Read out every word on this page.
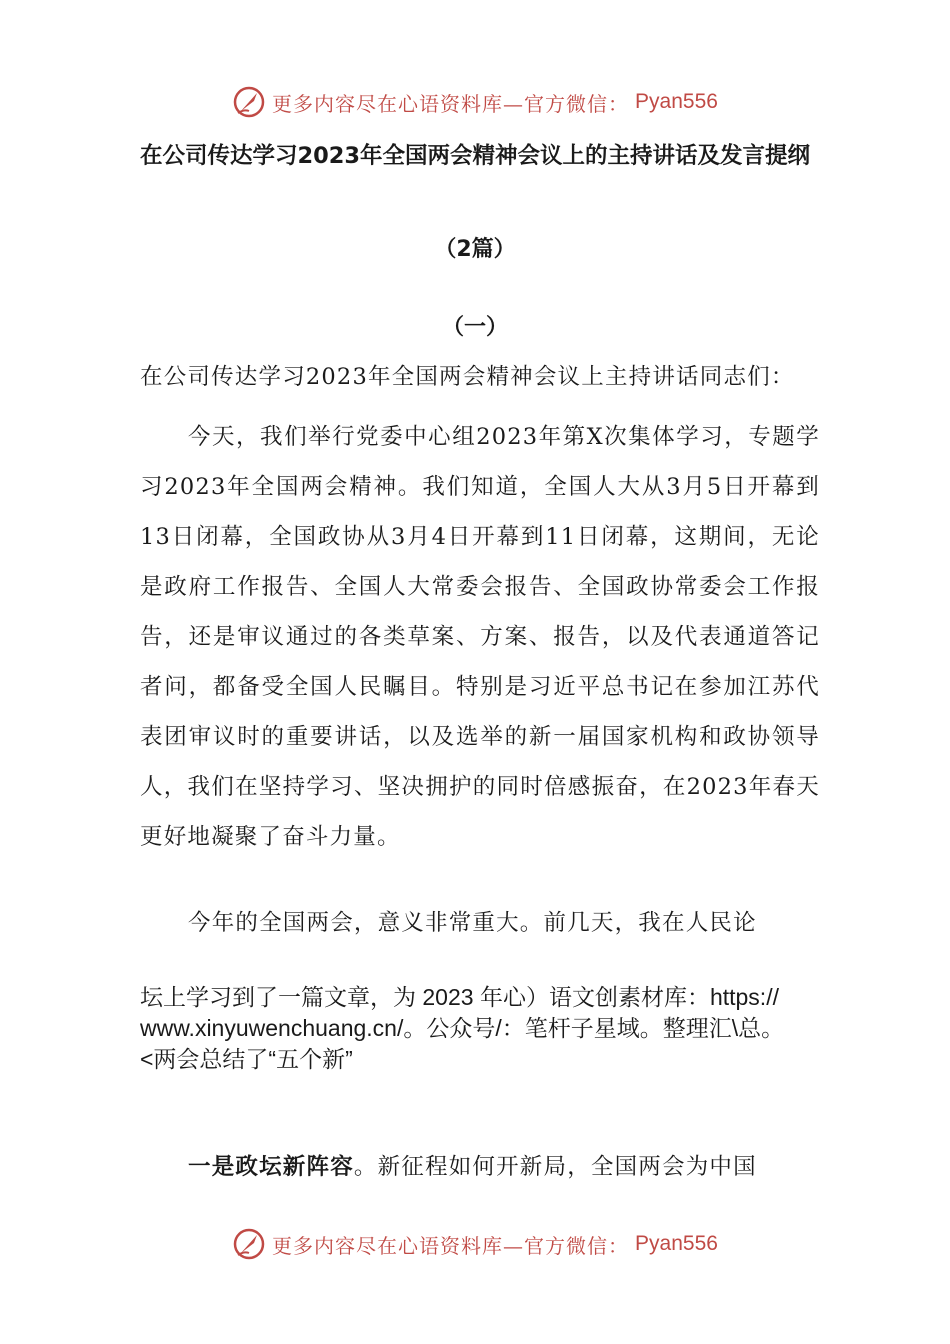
更多内容尽在心语资料库—官方微信： Pyan556
在公司传达学习2023年全国两会精神会议上的主持讲话及发言提纲
（2篇）
（一）

在公司传达学习2023年全国两会精神会议上主持讲话同志们：

今天，我们举行党委中心组2023年第X次集体学习，专题学习2023年全国两会精神。我们知道，全国人大从3月5日开幕到13日闭幕，全国政协从3月4日开幕到11日闭幕，这期间，无论是政府工作报告、全国人大常委会报告、全国政协常委会工作报告，还是审议通过的各类草案、方案、报告，以及代表通道答记者问，都备受全国人民瞩目。特别是习近平总书记在参加江苏代表团审议时的重要讲话，以及选举的新一届国家机构和政协领导人，我们在坚持学习、坚决拥护的同时倍感振奋，在2023年春天更好地凝聚了奋斗力量。

今年的全国两会，意义非常重大。前几天，我在人民论

坛上学习到了一篇文章，为 2023 年心）语文创素材库：https://
www.xinyuwenchuang.cn/。公众号/：笔杆子星域。整理汇\总。
<两会总结了“五个新”

一是政坛新阵容。新征程如何开新局，全国两会为中国

更多内容尽在心语资料库—官方微信： Pyan556
